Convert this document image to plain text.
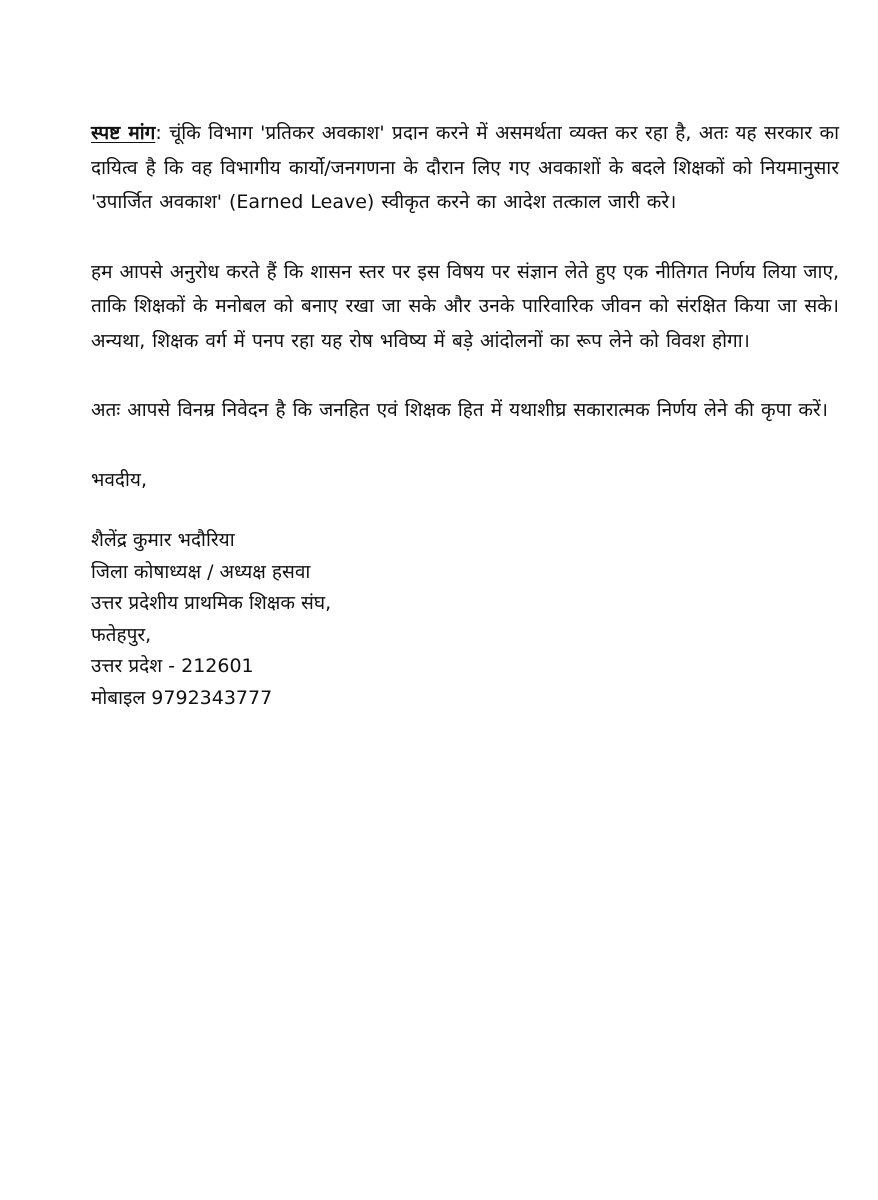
स्पष्ट मांग: चूंकि विभाग 'प्रतिकर अवकाश' प्रदान करने में असमर्थता व्यक्त कर रहा है, अतः यह सरकार का दायित्व है कि वह विभागीय कार्यो/जनगणना के दौरान लिए गए अवकाशों के बदले शिक्षकों को नियमानुसार 'उपार्जित अवकाश' (Earned Leave) स्वीकृत करने का आदेश तत्काल जारी करे।

हम आपसे अनुरोध करते हैं कि शासन स्तर पर इस विषय पर संज्ञान लेते हुए एक नीतिगत निर्णय लिया जाए, ताकि शिक्षकों के मनोबल को बनाए रखा जा सके और उनके पारिवारिक जीवन को संरक्षित किया जा सके। अन्यथा, शिक्षक वर्ग में पनप रहा यह रोष भविष्य में बड़े आंदोलनों का रूप लेने को विवश होगा।

अतः आपसे विनम्र निवेदन है कि जनहित एवं शिक्षक हित में यथाशीघ्र सकारात्मक निर्णय लेने की कृपा करें।

भवदीय,

शैलेंद्र कुमार भदौरिया
जिला कोषाध्यक्ष / अध्यक्ष हसवा
उत्तर प्रदेशीय प्राथमिक शिक्षक संघ,
फतेहपुर,
उत्तर प्रदेश - 212601
मोबाइल 9792343777
